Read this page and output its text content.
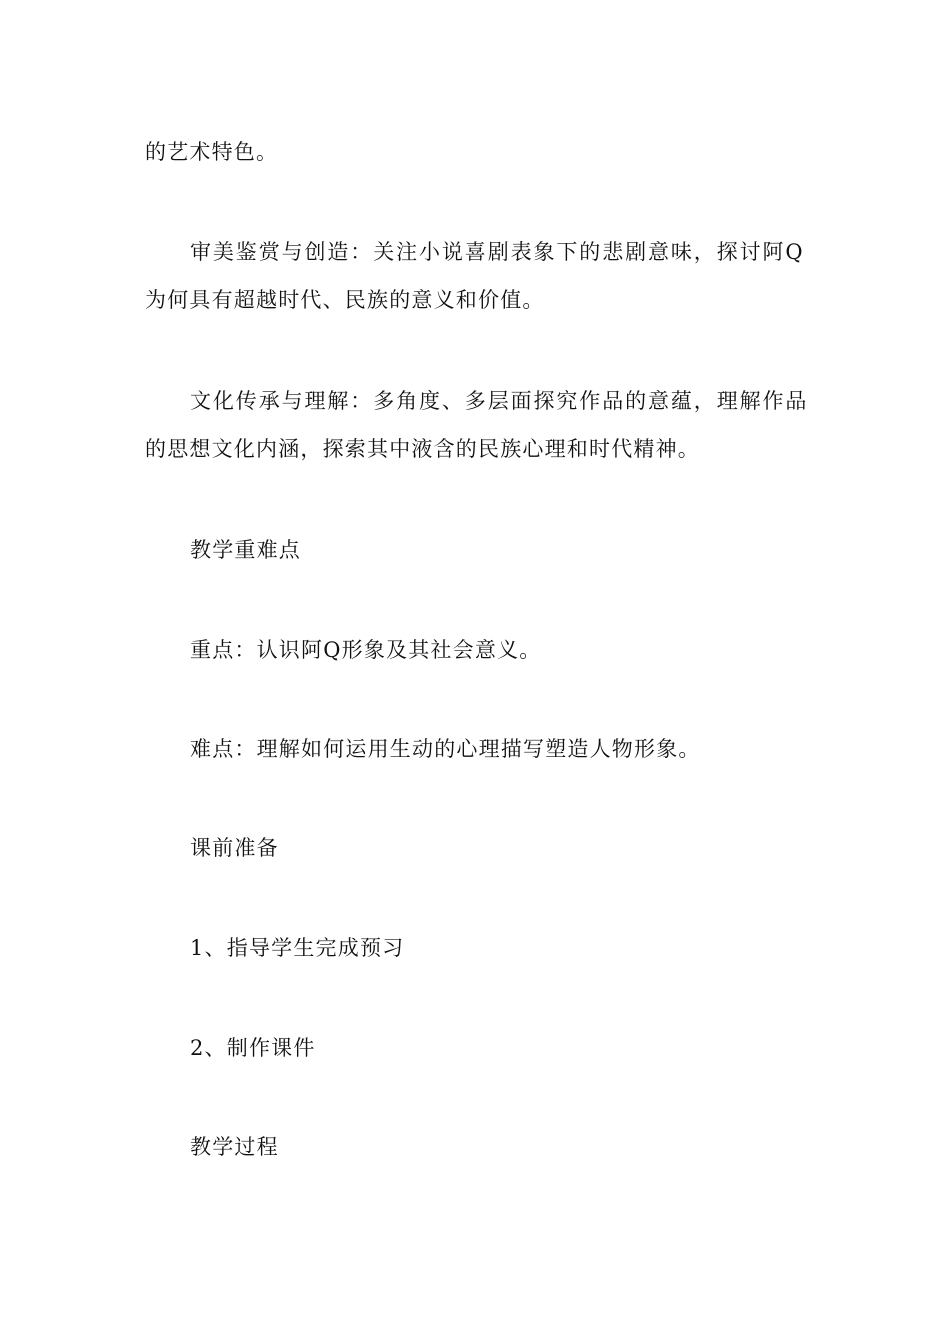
的艺术特色。
审美鉴赏与创造：关注小说喜剧表象下的悲剧意味，探讨阿Q
为何具有超越时代、民族的意义和价值。
文化传承与理解：多角度、多层面探究作品的意蕴，理解作品
的思想文化内涵，探索其中液含的民族心理和时代精神。
教学重难点
重点：认识阿Q形象及其社会意义。
难点：理解如何运用生动的心理描写塑造人物形象。
课前准备
1、指导学生完成预习
2、制作课件
教学过程
